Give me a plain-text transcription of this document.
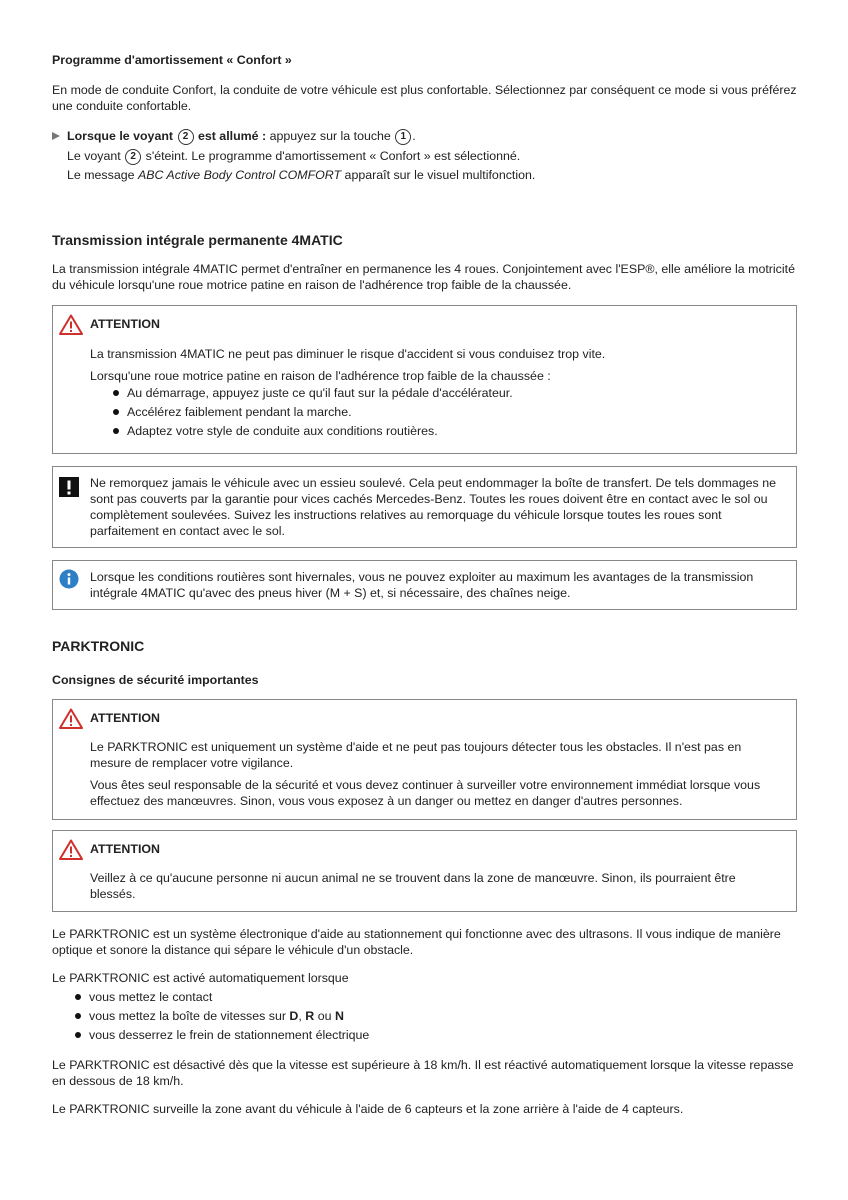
Programme d'amortissement « Confort »

En mode de conduite Confort, la conduite de votre véhicule est plus confortable. Sélectionnez par conséquent ce mode si vous préférez une conduite confortable.

Lorsque le voyant 2 est allumé : appuyez sur la touche 1 .

Le voyant 2 s'éteint. Le programme d'amortissement « Confort » est sélectionné.

Le message ABC Active Body Control COMFORT apparaît sur le visuel multifonction.

Transmission intégrale permanente 4MATIC

La transmission intégrale 4MATIC permet d'entraîner en permanence les 4 roues. Conjointement avec l'ESP®, elle améliore la motricité du véhicule lorsqu'une roue motrice patine en raison de l'adhérence trop faible de la chaussée.

ATTENTION

La transmission 4MATIC ne peut pas diminuer le risque d'accident si vous conduisez trop vite.

Lorsqu'une roue motrice patine en raison de l'adhérence trop faible de la chaussée :

Au démarrage, appuyez juste ce qu'il faut sur la pédale d'accélérateur.
Accélérez faiblement pendant la marche.
Adaptez votre style de conduite aux conditions routières.

Ne remorquez jamais le véhicule avec un essieu soulevé. Cela peut endommager la boîte de transfert. De tels dommages ne sont pas couverts par la garantie pour vices cachés Mercedes-Benz. Toutes les roues doivent être en contact avec le sol ou complètement soulevées. Suivez les instructions relatives au remorquage du véhicule lorsque toutes les roues sont parfaitement en contact avec le sol.

Lorsque les conditions routières sont hivernales, vous ne pouvez exploiter au maximum les avantages de la transmission intégrale 4MATIC qu'avec des pneus hiver (M + S) et, si nécessaire, des chaînes neige.

PARKTRONIC

Consignes de sécurité importantes

ATTENTION

Le PARKTRONIC est uniquement un système d'aide et ne peut pas toujours détecter tous les obstacles. Il n'est pas en mesure de remplacer votre vigilance.

Vous êtes seul responsable de la sécurité et vous devez continuer à surveiller votre environnement immédiat lorsque vous effectuez des manœuvres. Sinon, vous vous exposez à un danger ou mettez en danger d'autres personnes.

ATTENTION

Veillez à ce qu'aucune personne ni aucun animal ne se trouvent dans la zone de manœuvre. Sinon, ils pourraient être blessés.

Le PARKTRONIC est un système électronique d'aide au stationnement qui fonctionne avec des ultrasons. Il vous indique de manière optique et sonore la distance qui sépare le véhicule d'un obstacle.

Le PARKTRONIC est activé automatiquement lorsque

vous mettez le contact
vous mettez la boîte de vitesses sur D, R ou N
vous desserrez le frein de stationnement électrique

Le PARKTRONIC est désactivé dès que la vitesse est supérieure à 18 km/h. Il est réactivé automatiquement lorsque la vitesse repasse en dessous de 18 km/h.

Le PARKTRONIC surveille la zone avant du véhicule à l'aide de 6 capteurs et la zone arrière à l'aide de 4 capteurs.
